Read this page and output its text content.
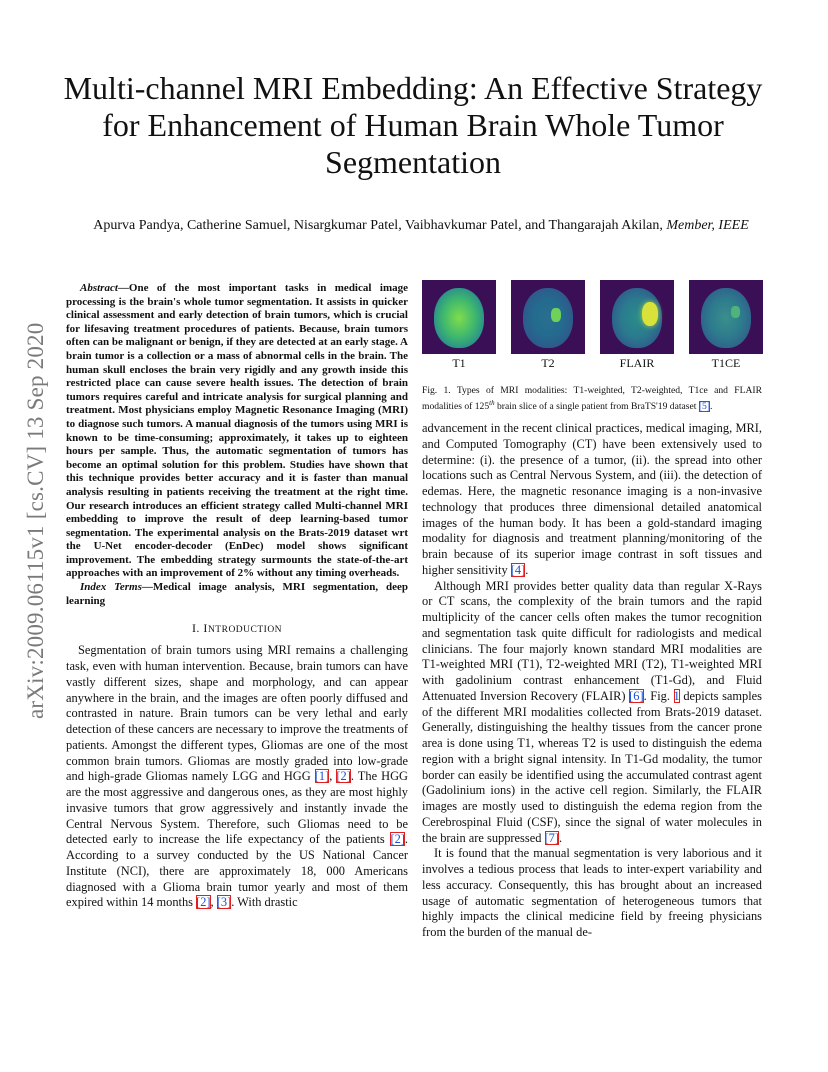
arXiv:2009.06115v1 [cs.CV] 13 Sep 2020
Multi-channel MRI Embedding: An Effective Strategy for Enhancement of Human Brain Whole Tumor Segmentation
Apurva Pandya, Catherine Samuel, Nisargkumar Patel, Vaibhavkumar Patel, and Thangarajah Akilan, Member, IEEE

Abstract—One of the most important tasks in medical image processing is the brain's whole tumor segmentation. It assists in quicker clinical assessment and early detection of brain tumors, which is crucial for lifesaving treatment procedures of patients. Because, brain tumors often can be malignant or benign, if they are detected at an early stage. A brain tumor is a collection or a mass of abnormal cells in the brain. The human skull encloses the brain very rigidly and any growth inside this restricted place can cause severe health issues. The detection of brain tumors requires careful and intricate analysis for surgical planning and treatment. Most physicians employ Magnetic Resonance Imaging (MRI) to diagnose such tumors. A manual diagnosis of the tumors using MRI is known to be time-consuming; approximately, it takes up to eighteen hours per sample. Thus, the automatic segmentation of tumors has become an optimal solution for this problem. Studies have shown that this technique provides better accuracy and it is faster than manual analysis resulting in patients receiving the treatment at the right time. Our research introduces an efficient strategy called Multi-channel MRI embedding to improve the result of deep learning-based tumor segmentation. The experimental analysis on the Brats-2019 dataset wrt the U-Net encoder-decoder (EnDec) model shows significant improvement. The embedding strategy surmounts the state-of-the-art approaches with an improvement of 2% without any timing overheads.

Index Terms—Medical image analysis, MRI segmentation, deep learning

I. INTRODUCTION

Segmentation of brain tumors using MRI remains a challenging task, even with human intervention. Because, brain tumors can have vastly different sizes, shape and morphology, and can appear anywhere in the brain, and the images are often poorly diffused and contrasted in nature. Brain tumors can be very lethal and early detection of these cancers are necessary to improve the treatments of patients. Amongst the different types, Gliomas are one of the most common brain tumors. Gliomas are mostly graded into low-grade and high-grade Gliomas namely LGG and HGG [1], [2]. The HGG are the most aggressive and dangerous ones, as they are most highly invasive tumors that grow aggressively and instantly invade the Central Nervous System. Therefore, such Gliomas need to be detected early to increase the life expectancy of the patients [2]. According to a survey conducted by the US National Cancer Institute (NCI), there are approximately 18, 000 Americans diagnosed with a Glioma brain tumor yearly and most of them expired within 14 months [2], [3]. With drastic

T1	T2	FLAIR	T1CE

Fig. 1. Types of MRI modalities: T1-weighted, T2-weighted, T1ce and FLAIR modalities of 125th brain slice of a single patient from BraTS'19 dataset [5].

advancement in the recent clinical practices, medical imaging, MRI, and Computed Tomography (CT) have been extensively used to determine: (i). the presence of a tumor, (ii). the spread into other locations such as Central Nervous System, and (iii). the detection of edemas. Here, the magnetic resonance imaging is a non-invasive technology that produces three dimensional detailed anatomical images of the human body. It has been a gold-standard imaging modality for diagnosis and treatment planning/monitoring of the brain because of its superior image contrast in soft tissues and higher sensitivity [4].

Although MRI provides better quality data than regular X-Rays or CT scans, the complexity of the brain tumors and the rapid multiplicity of the cancer cells often makes the tumor recognition and segmentation task quite difficult for radiologists and medical clinicians. The four majorly known standard MRI modalities are T1-weighted MRI (T1), T2-weighted MRI (T2), T1-weighted MRI with gadolinium contrast enhancement (T1-Gd), and Fluid Attenuated Inversion Recovery (FLAIR) [6]. Fig. 1 depicts samples of the different MRI modalities collected from Brats-2019 dataset. Generally, distinguishing the healthy tissues from the cancer prone area is done using T1, whereas T2 is used to distinguish the edema region with a bright signal intensity. In T1-Gd modality, the tumor border can easily be identified using the accumulated contrast agent (Gadolinium ions) in the active cell region. Similarly, the FLAIR images are mostly used to distinguish the edema region from the Cerebrospinal Fluid (CSF), since the signal of water molecules in the brain are suppressed [7].

It is found that the manual segmentation is very laborious and it involves a tedious process that leads to inter-expert variability and less accuracy. Consequently, this has brought about an increased usage of automatic segmentation of heterogeneous tumors that highly impacts the clinical medicine field by freeing physicians from the burden of the manual de-
